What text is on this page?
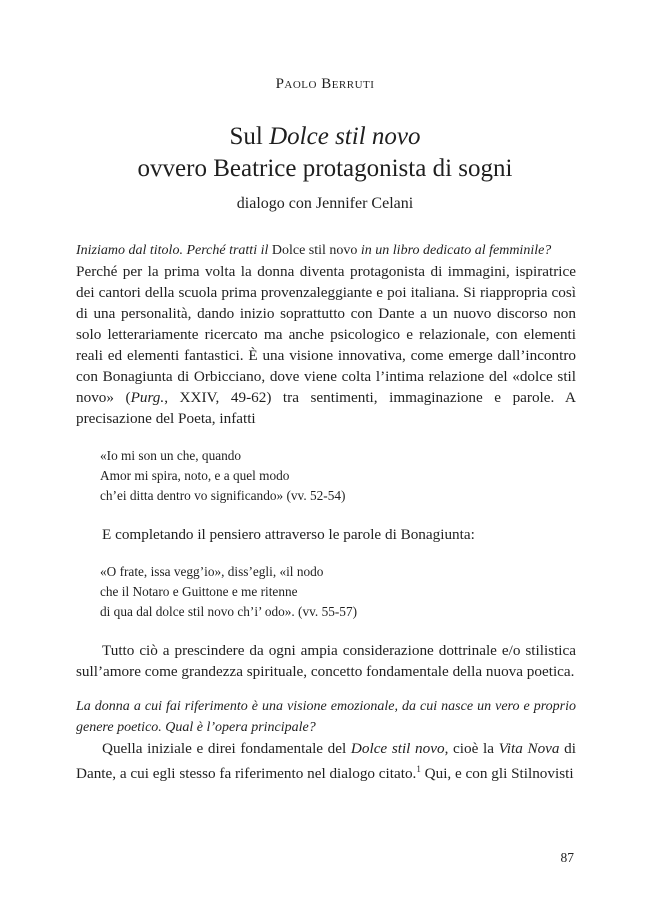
Paolo Berruti
Sul Dolce stil novo
ovvero Beatrice protagonista di sogni
dialogo con Jennifer Celani

Iniziamo dal titolo. Perché tratti il Dolce stil novo in un libro dedicato al femminile?

Perché per la prima volta la donna diventa protagonista di immagini, ispiratrice dei cantori della scuola prima provenzaleggiante e poi italiana. Si riappropria così di una personalità, dando inizio soprattutto con Dante a un nuovo discorso non solo letterariamente ricercato ma anche psicologico e relazionale, con elementi reali ed elementi fantastici. È una visione innovativa, come emerge dall’incontro con Bonagiunta di Orbicciano, dove viene colta l’intima relazione del «dolce stil novo» (Purg., XXIV, 49-62) tra sentimenti, immaginazione e parole. A precisazione del Poeta, infatti

«Io mi son un che, quando
Amor mi spira, noto, e a quel modo
ch’ei ditta dentro vo significando» (vv. 52-54)

E completando il pensiero attraverso le parole di Bonagiunta:

«O frate, issa vegg’io», diss’egli, «il nodo
che il Notaro e Guittone e me ritenne
di qua dal dolce stil novo ch’i’ odo». (vv. 55-57)

Tutto ciò a prescindere da ogni ampia considerazione dottrinale e/o stilistica sull’amore come grandezza spirituale, concetto fondamentale della nuova poetica.

La donna a cui fai riferimento è una visione emozionale, da cui nasce un vero e proprio genere poetico. Qual è l’opera principale?

Quella iniziale e direi fondamentale del Dolce stil novo, cioè la Vita Nova di Dante, a cui egli stesso fa riferimento nel dialogo citato.$^1$ Qui, e con gli Stilnovisti

87
